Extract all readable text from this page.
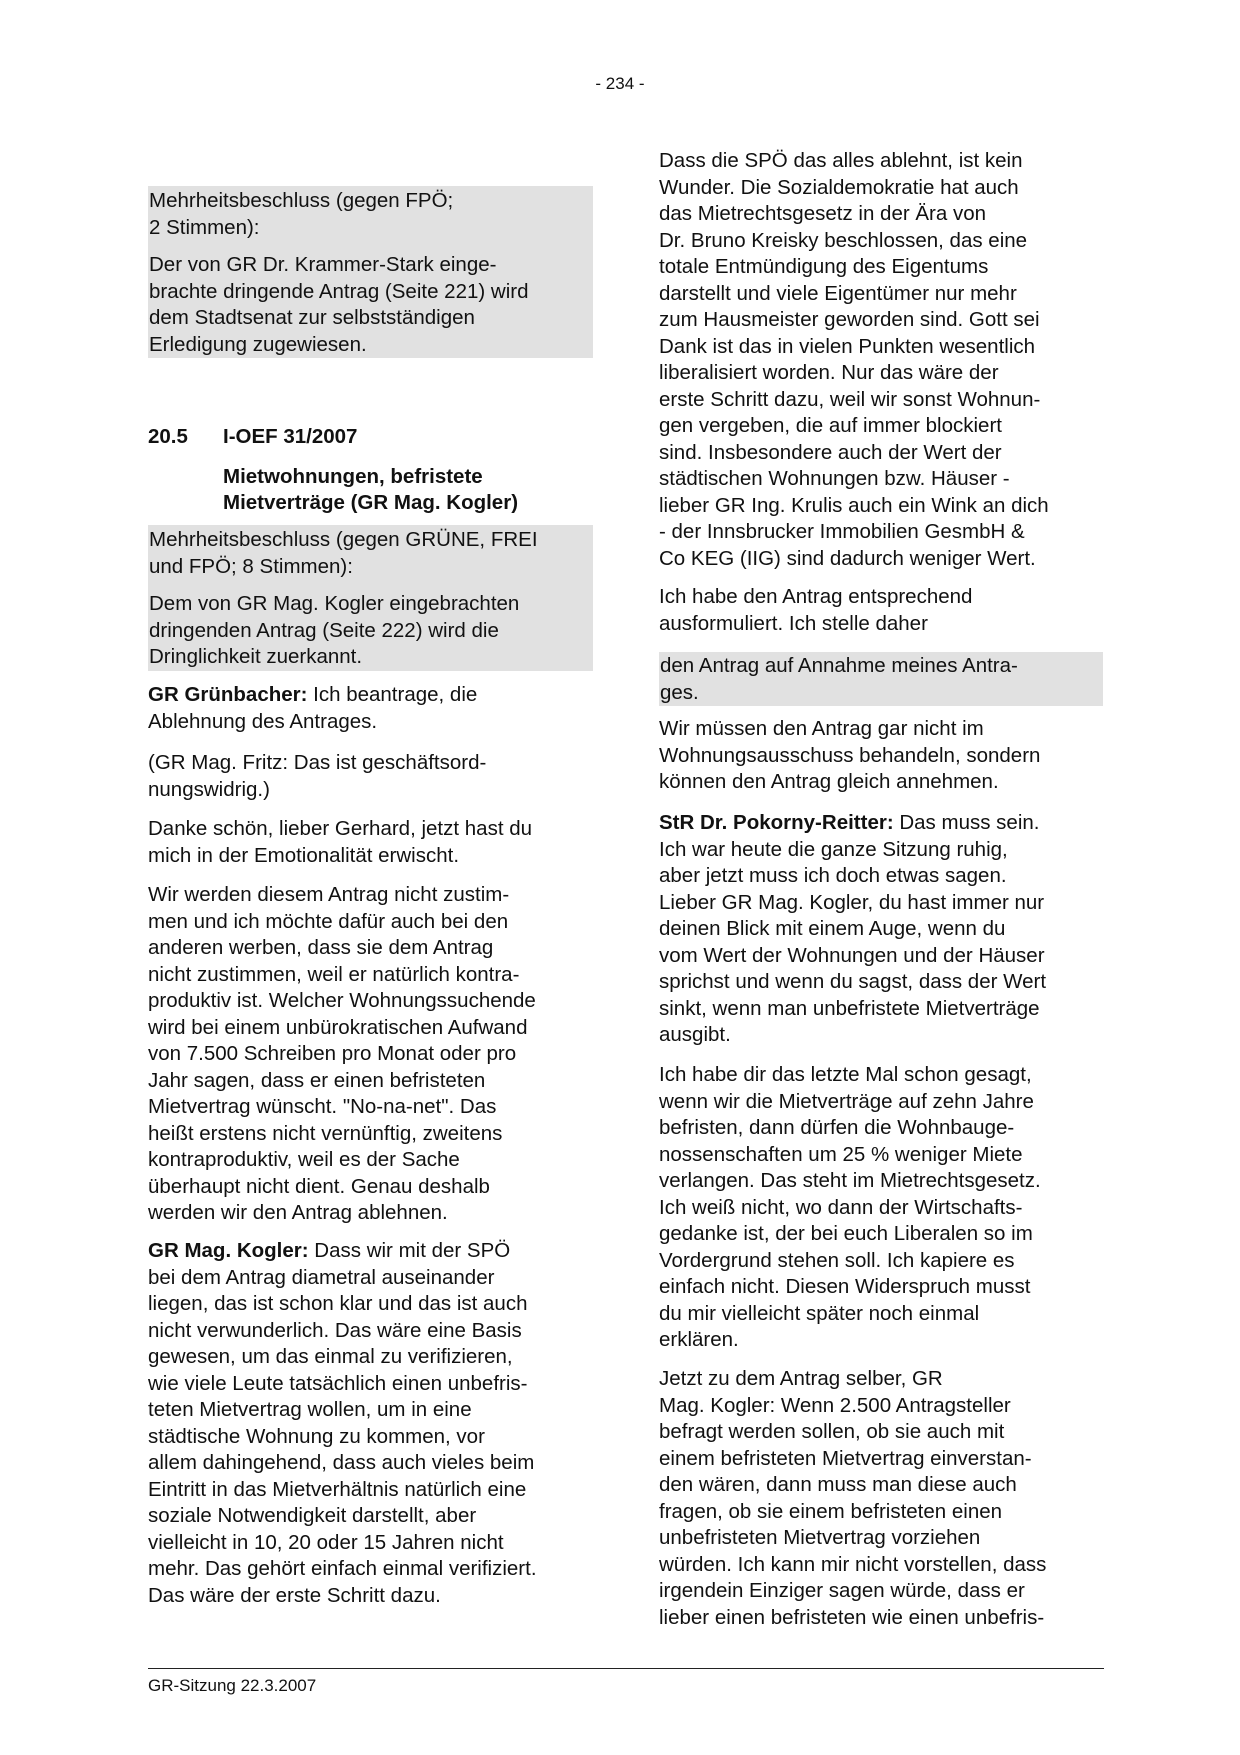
- 234 -
Mehrheitsbeschluss (gegen FPÖ;
2 Stimmen):
Der von GR Dr. Krammer-Stark einge-
brachte dringende Antrag (Seite 221) wird
dem Stadtsenat zur selbstständigen
Erledigung zugewiesen.
20.5 I-OEF 31/2007
Mietwohnungen, befristete
Mietverträge (GR Mag. Kogler)
Mehrheitsbeschluss (gegen GRÜNE, FREI
und FPÖ; 8 Stimmen):
Dem von GR Mag. Kogler eingebrachten
dringenden Antrag (Seite 222) wird die
Dringlichkeit zuerkannt.

GR Grünbacher: Ich beantrage, die
Ablehnung des Antrages.

(GR Mag. Fritz: Das ist geschäftsord-
nungswidrig.)

Danke schön, lieber Gerhard, jetzt hast du
mich in der Emotionalität erwischt.

Wir werden diesem Antrag nicht zustim-
men und ich möchte dafür auch bei den
anderen werben, dass sie dem Antrag
nicht zustimmen, weil er natürlich kontra-
produktiv ist. Welcher Wohnungssuchende
wird bei einem unbürokratischen Aufwand
von 7.500 Schreiben pro Monat oder pro
Jahr sagen, dass er einen befristeten
Mietvertrag wünscht. "No-na-net". Das
heißt erstens nicht vernünftig, zweitens
kontraproduktiv, weil es der Sache
überhaupt nicht dient. Genau deshalb
werden wir den Antrag ablehnen.

GR Mag. Kogler: Dass wir mit der SPÖ
bei dem Antrag diametral auseinander
liegen, das ist schon klar und das ist auch
nicht verwunderlich. Das wäre eine Basis
gewesen, um das einmal zu verifizieren,
wie viele Leute tatsächlich einen unbefris-
teten Mietvertrag wollen, um in eine
städtische Wohnung zu kommen, vor
allem dahingehend, dass auch vieles beim
Eintritt in das Mietverhältnis natürlich eine
soziale Notwendigkeit darstellt, aber
vielleicht in 10, 20 oder 15 Jahren nicht
mehr. Das gehört einfach einmal verifiziert.
Das wäre der erste Schritt dazu.

Dass die SPÖ das alles ablehnt, ist kein
Wunder. Die Sozialdemokratie hat auch
das Mietrechtsgesetz in der Ära von
Dr. Bruno Kreisky beschlossen, das eine
totale Entmündigung des Eigentums
darstellt und viele Eigentümer nur mehr
zum Hausmeister geworden sind. Gott sei
Dank ist das in vielen Punkten wesentlich
liberalisiert worden. Nur das wäre der
erste Schritt dazu, weil wir sonst Wohnun-
gen vergeben, die auf immer blockiert
sind. Insbesondere auch der Wert der
städtischen Wohnungen bzw. Häuser -
lieber GR Ing. Krulis auch ein Wink an dich
- der Innsbrucker Immobilien GesmbH &
Co KEG (IIG) sind dadurch weniger Wert.

Ich habe den Antrag entsprechend
ausformuliert. Ich stelle daher

den Antrag auf Annahme meines Antra-
ges.

Wir müssen den Antrag gar nicht im
Wohnungsausschuss behandeln, sondern
können den Antrag gleich annehmen.

StR Dr. Pokorny-Reitter: Das muss sein.
Ich war heute die ganze Sitzung ruhig,
aber jetzt muss ich doch etwas sagen.
Lieber GR Mag. Kogler, du hast immer nur
deinen Blick mit einem Auge, wenn du
vom Wert der Wohnungen und der Häuser
sprichst und wenn du sagst, dass der Wert
sinkt, wenn man unbefristete Mietverträge
ausgibt.

Ich habe dir das letzte Mal schon gesagt,
wenn wir die Mietverträge auf zehn Jahre
befristen, dann dürfen die Wohnbauge-
nossenschaften um 25 % weniger Miete
verlangen. Das steht im Mietrechtsgesetz.
Ich weiß nicht, wo dann der Wirtschafts-
gedanke ist, der bei euch Liberalen so im
Vordergrund stehen soll. Ich kapiere es
einfach nicht. Diesen Widerspruch musst
du mir vielleicht später noch einmal
erklären.

Jetzt zu dem Antrag selber, GR
Mag. Kogler: Wenn 2.500 Antragsteller
befragt werden sollen, ob sie auch mit
einem befristeten Mietvertrag einverstan-
den wären, dann muss man diese auch
fragen, ob sie einem befristeten einen
unbefristeten Mietvertrag vorziehen
würden. Ich kann mir nicht vorstellen, dass
irgendein Einziger sagen würde, dass er
lieber einen befristeten wie einen unbefris-

GR-Sitzung 22.3.2007
